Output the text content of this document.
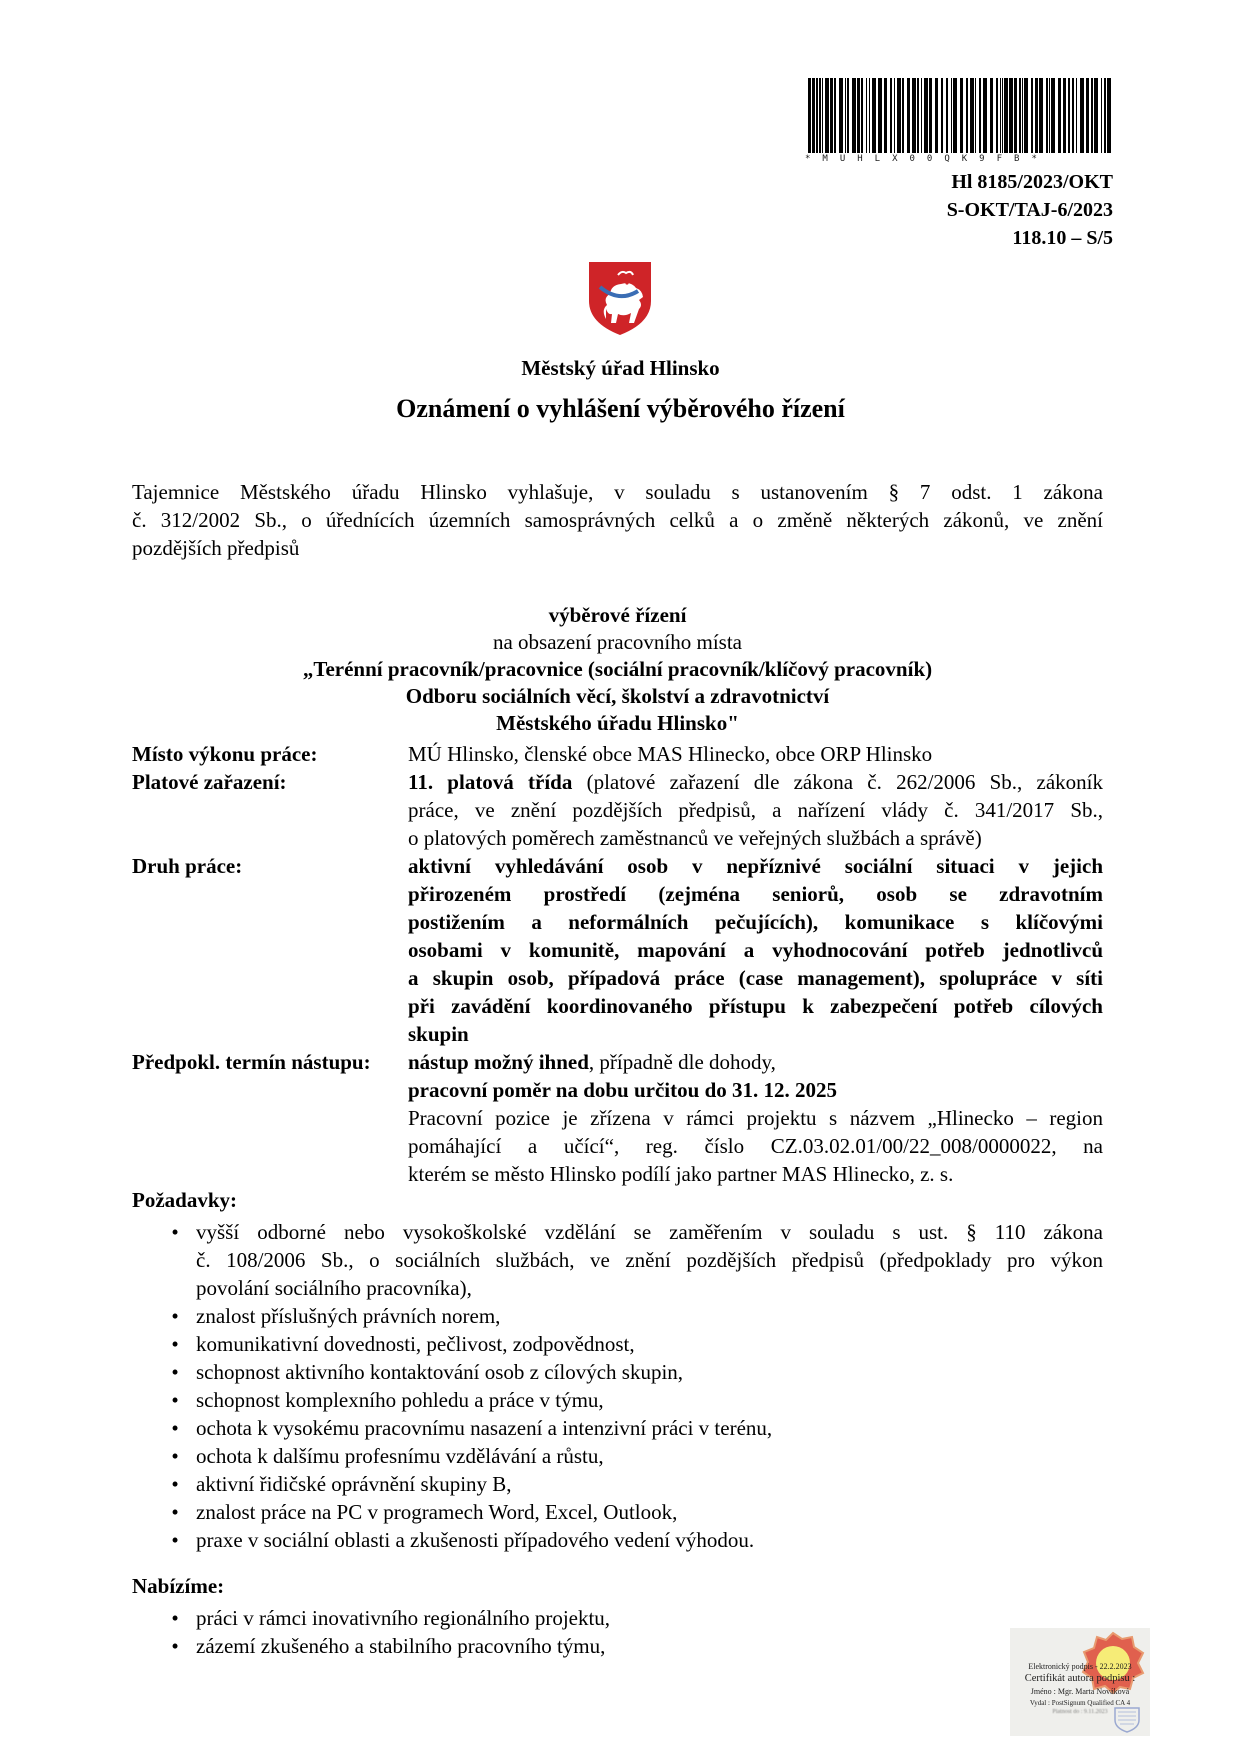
*MUHLX00QK9FB*
Hl 8185/2023/OKT
S-OKT/TAJ-6/2023
118.10 – S/5
Městský úřad Hlinsko
Oznámení o vyhlášení výběrového řízení
Tajemnice Městského úřadu Hlinsko vyhlašuje, v souladu s ustanovením § 7 odst. 1 zákona
č. 312/2002 Sb., o úřednících územních samosprávných celků a o změně některých zákonů, ve znění
pozdějších předpisů
výběrové řízení
na obsazení pracovního místa
„Terénní pracovník/pracovnice (sociální pracovník/klíčový pracovník)
Odboru sociálních věcí, školství a zdravotnictví
Městského úřadu Hlinsko"
Místo výkonu práce:	MÚ Hlinsko, členské obce MAS Hlinecko, obce ORP Hlinsko
Platové zařazení:	11. platová třída (platové zařazení dle zákona č. 262/2006 Sb., zákoník
práce, ve znění pozdějších předpisů, a nařízení vlády č. 341/2017 Sb.,
o platových poměrech zaměstnanců ve veřejných službách a správě)
Druh práce:	aktivní vyhledávání osob v nepříznivé sociální situaci v jejich
přirozeném prostředí (zejména seniorů, osob se zdravotním
postižením a neformálních pečujících), komunikace s klíčovými
osobami v komunitě, mapování a vyhodnocování potřeb jednotlivců
a skupin osob, případová práce (case management), spolupráce v síti
při zavádění koordinovaného přístupu k zabezpečení potřeb cílových
skupin
Předpokl. termín nástupu:	nástup možný ihned, případně dle dohody,
pracovní poměr na dobu určitou do 31. 12. 2025
Pracovní pozice je zřízena v rámci projektu s názvem „Hlinecko – region
pomáhající a učící“, reg. číslo CZ.03.02.01/00/22_008/0000022, na
kterém se město Hlinsko podílí jako partner MAS Hlinecko, z. s.
Požadavky:
• vyšší odborné nebo vysokoškolské vzdělání se zaměřením v souladu s ust. § 110 zákona
č. 108/2006 Sb., o sociálních službách, ve znění pozdějších předpisů (předpoklady pro výkon
povolání sociálního pracovníka),
• znalost příslušných právních norem,
• komunikativní dovednosti, pečlivost, zodpovědnost,
• schopnost aktivního kontaktování osob z cílových skupin,
• schopnost komplexního pohledu a práce v týmu,
• ochota k vysokému pracovnímu nasazení a intenzivní práci v terénu,
• ochota k dalšímu profesnímu vzdělávání a růstu,
• aktivní řidičské oprávnění skupiny B,
• znalost práce na PC v programech Word, Excel, Outlook,
• praxe v sociální oblasti a zkušenosti případového vedení výhodou.
Nabízíme:
• práci v rámci inovativního regionálního projektu,
• zázemí zkušeného a stabilního pracovního týmu,
Elektronický podpis - 22.2.2023
Certifikát autora podpisu :
Jméno : Mgr. Marta Nováková
Vydal : PostSignum Qualified CA 4
Platnost do : 9.11.2023
